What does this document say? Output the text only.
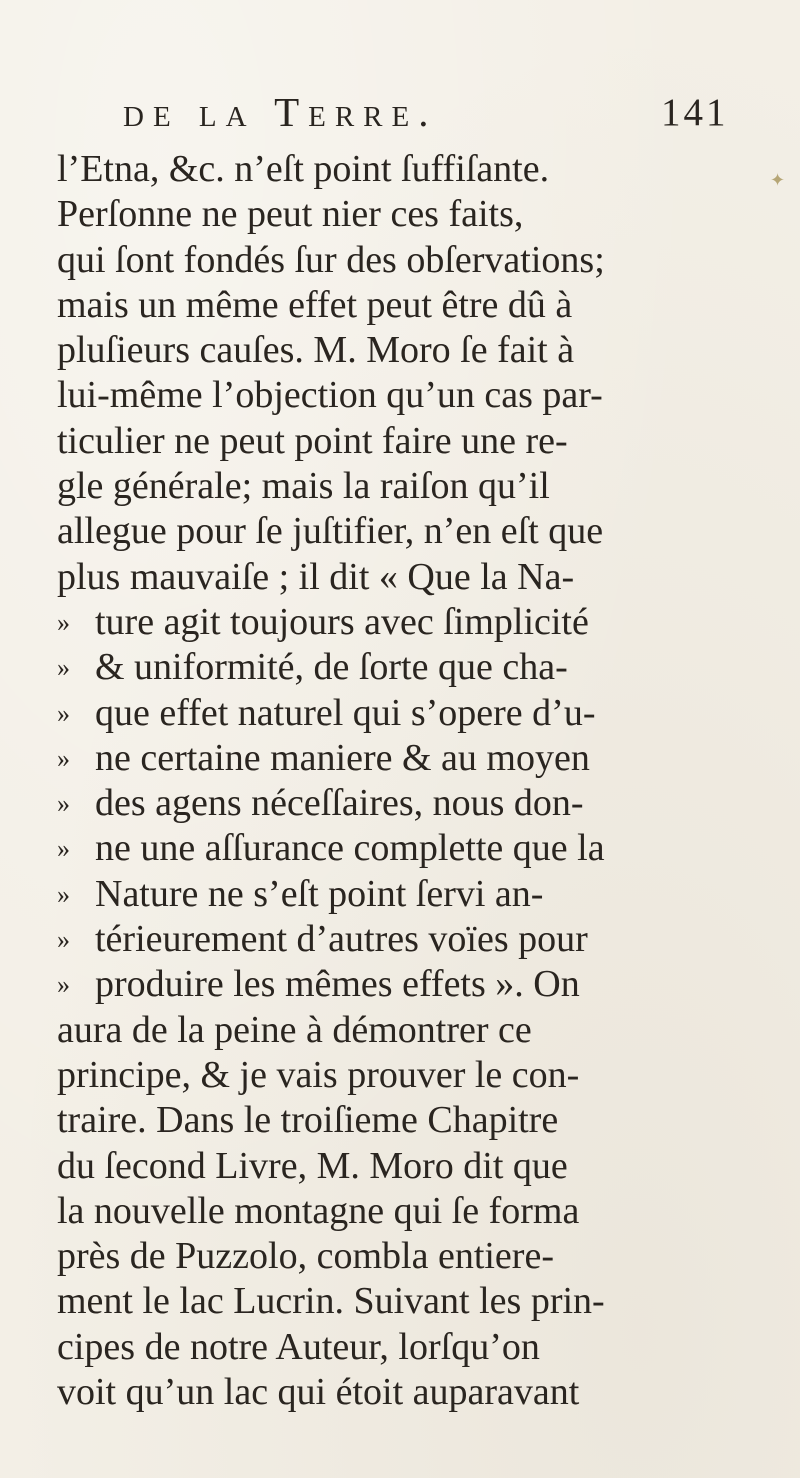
de la Terre.	141
l’Etna, &c. n’eſt point ſuffiſante.
Perſonne ne peut nier ces faits,
qui ſont fondés ſur des obſervations;
mais un même effet peut être dû à
pluſieurs cauſes. M. Moro ſe fait à
lui-même l’objection qu’un cas par-
ticulier ne peut point faire une re-
gle générale; mais la raiſon qu’il
allegue pour ſe juſtifier, n’en eſt que
plus mauvaiſe ; il dit « Que la Na-
» ture agit toujours avec ſimplicité
» & uniformité, de ſorte que cha-
» que effet naturel qui s’opere d’u-
» ne certaine maniere & au moyen
» des agens néceſſaires, nous don-
» ne une aſſurance complette que la
» Nature ne s’eſt point ſervi an-
» térieurement d’autres voïes pour
» produire les mêmes effets ». On
aura de la peine à démontrer ce
principe, & je vais prouver le con-
traire. Dans le troiſieme Chapitre
du ſecond Livre, M. Moro dit que
la nouvelle montagne qui ſe forma
près de Puzzolo, combla entiere-
ment le lac Lucrin. Suivant les prin-
cipes de notre Auteur, lorſqu’on
voit qu’un lac qui étoit auparavant
✦
